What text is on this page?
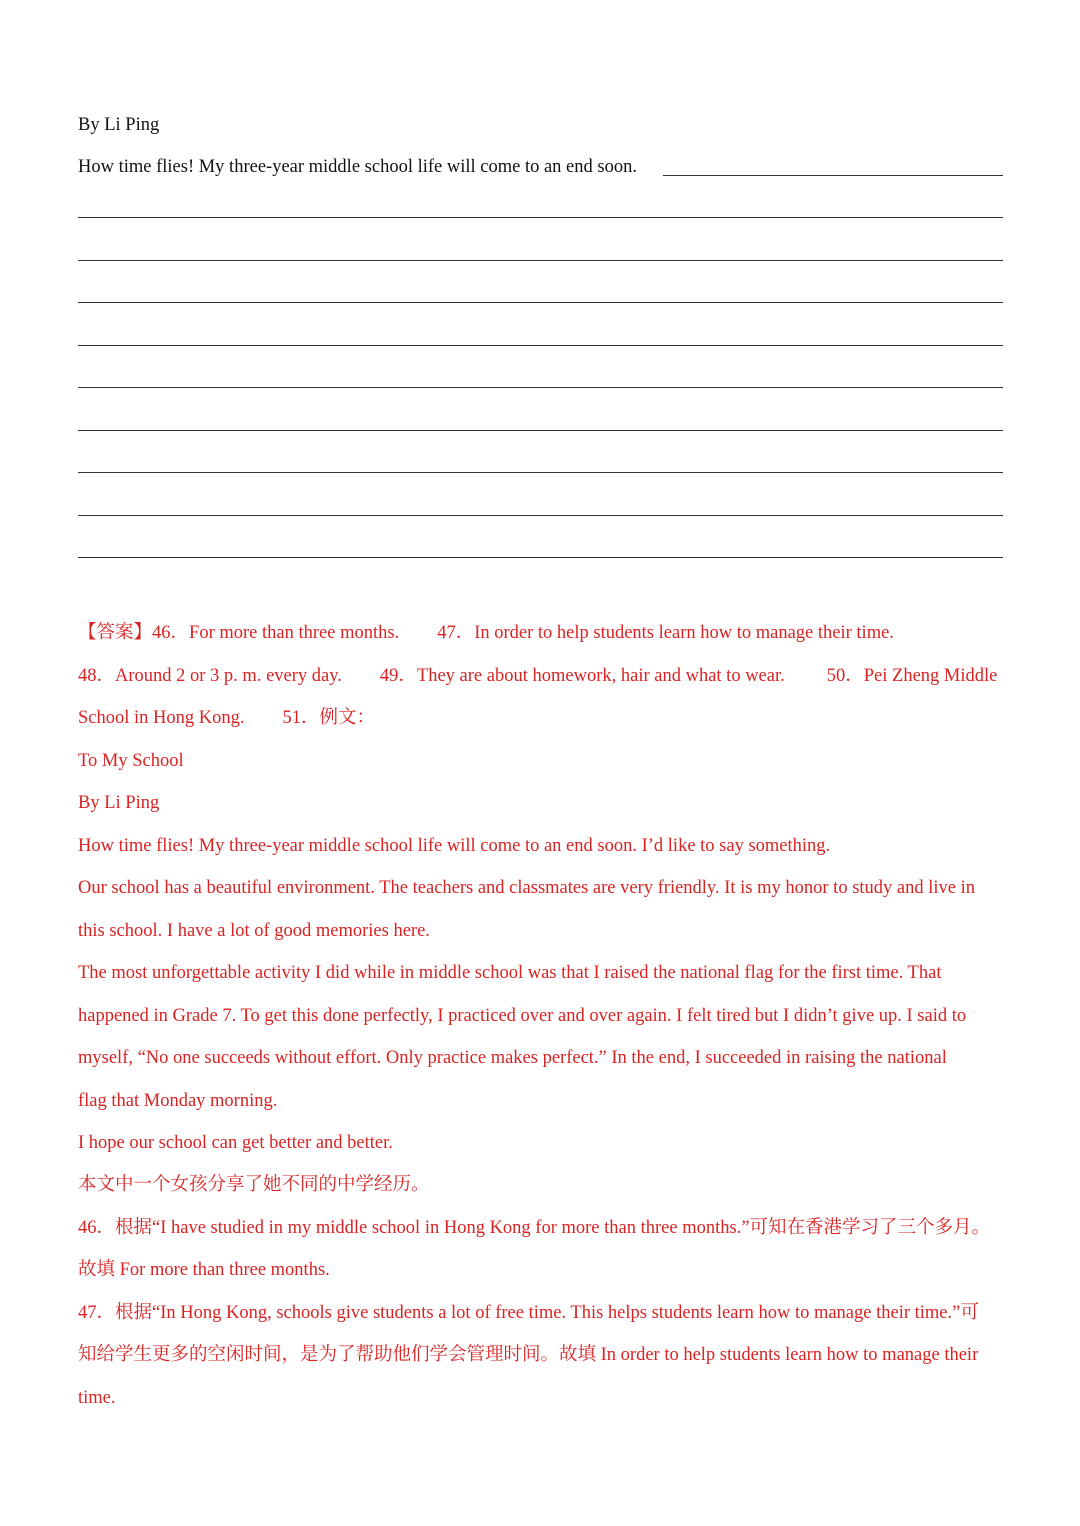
By Li Ping
How time flies! My three-year middle school life will come to an end soon.
【答案】46．For more than three months. 47．In order to help students learn how to manage their time.
48．Around 2 or 3 p. m. every day. 49．They are about homework, hair and what to wear. 50．Pei Zheng Middle
School in Hong Kong. 51．例文：
To My School
By Li Ping
How time flies! My three-year middle school life will come to an end soon. I’d like to say something.
Our school has a beautiful environment. The teachers and classmates are very friendly. It is my honor to study and live in
this school. I have a lot of good memories here.
The most unforgettable activity I did while in middle school was that I raised the national flag for the first time. That
happened in Grade 7. To get this done perfectly, I practiced over and over again. I felt tired but I didn’t give up. I said to
myself, “No one succeeds without effort. Only practice makes perfect.” In the end, I succeeded in raising the national
flag that Monday morning.
I hope our school can get better and better.
本文中一个女孩分享了她不同的中学经历。
46．根据“I have studied in my middle school in Hong Kong for more than three months.”可知在香港学习了三个多月。
故填 For more than three months.
47．根据“In Hong Kong, schools give students a lot of free time. This helps students learn how to manage their time.”可
知给学生更多的空闲时间，是为了帮助他们学会管理时间。故填 In order to help students learn how to manage their
time.
